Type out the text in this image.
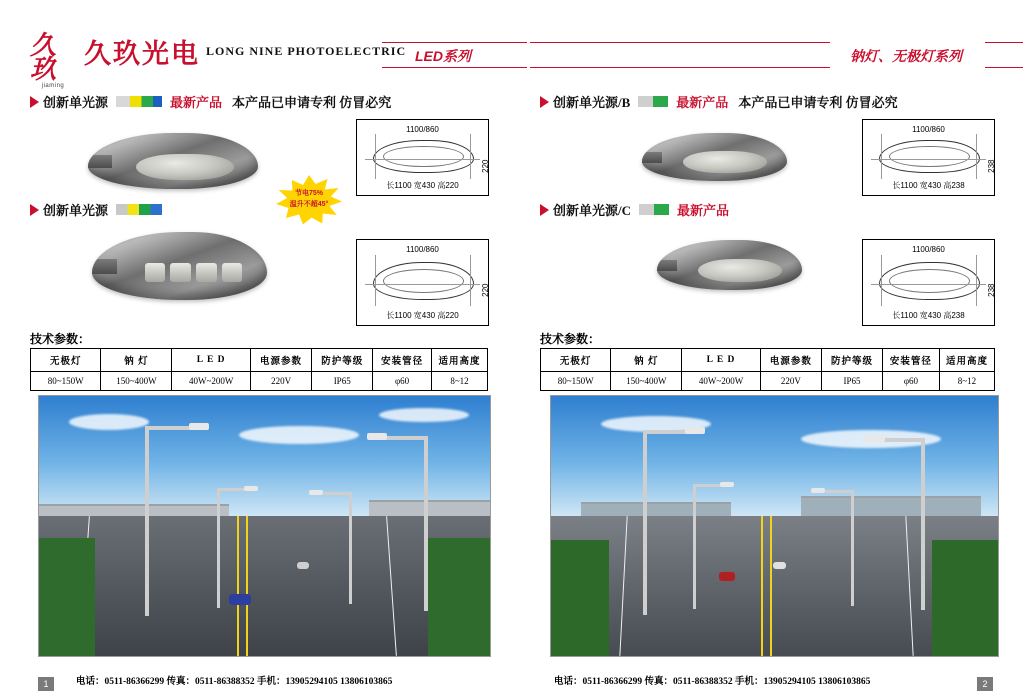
久玖
jiaming
久玖光电 LONG NINE PHOTOELECTRIC LED系列	钠灯、无极灯系列
创新单光源	最新产品 本产品已申请专利 仿冒必究
1100/860
220
长1100 宽430 高220
节电75%
温升不超45°
创新单光源
1100/860
220
长1100 宽430 高220
技术参数：
无极灯	钠 灯	L E D	电源参数	防护等级	安装管径	适用高度
80~150W	150~400W	40W~200W	220V	IP65	φ60	8~12
电话：0511-86366299 传真：0511-86388352 手机：13905294105 13806103865
1
创新单光源/B	最新产品 本产品已申请专利 仿冒必究
1100/860
238
长1100 宽430 高238
创新单光源/C	最新产品
1100/860
238
长1100 宽430 高238
技术参数：
无极灯	钠 灯	L E D	电源参数	防护等级	安装管径	适用高度
80~150W	150~400W	40W~200W	220V	IP65	φ60	8~12
电话：0511-86366299 传真：0511-86388352 手机：13905294105 13806103865	2
